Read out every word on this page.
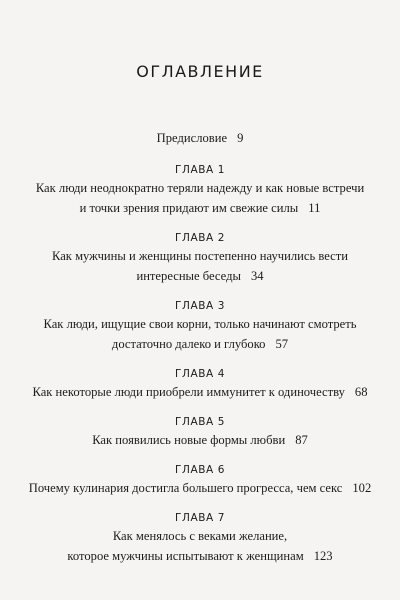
ОГЛАВЛЕНИЕ
Предисловие 9
ГЛАВА 1
Как люди неоднократно теряли надежду и как новые встречи
и точки зрения придают им свежие силы 11
ГЛАВА 2
Как мужчины и женщины постепенно научились вести
интересные беседы 34
ГЛАВА 3
Как люди, ищущие свои корни, только начинают смотреть
достаточно далеко и глубоко 57
ГЛАВА 4
Как некоторые люди приобрели иммунитет к одиночеству 68
ГЛАВА 5
Как появились новые формы любви 87
ГЛАВА 6
Почему кулинария достигла большего прогресса, чем секс 102
ГЛАВА 7
Как менялось с веками желание,
которое мужчины испытывают к женщинам 123
